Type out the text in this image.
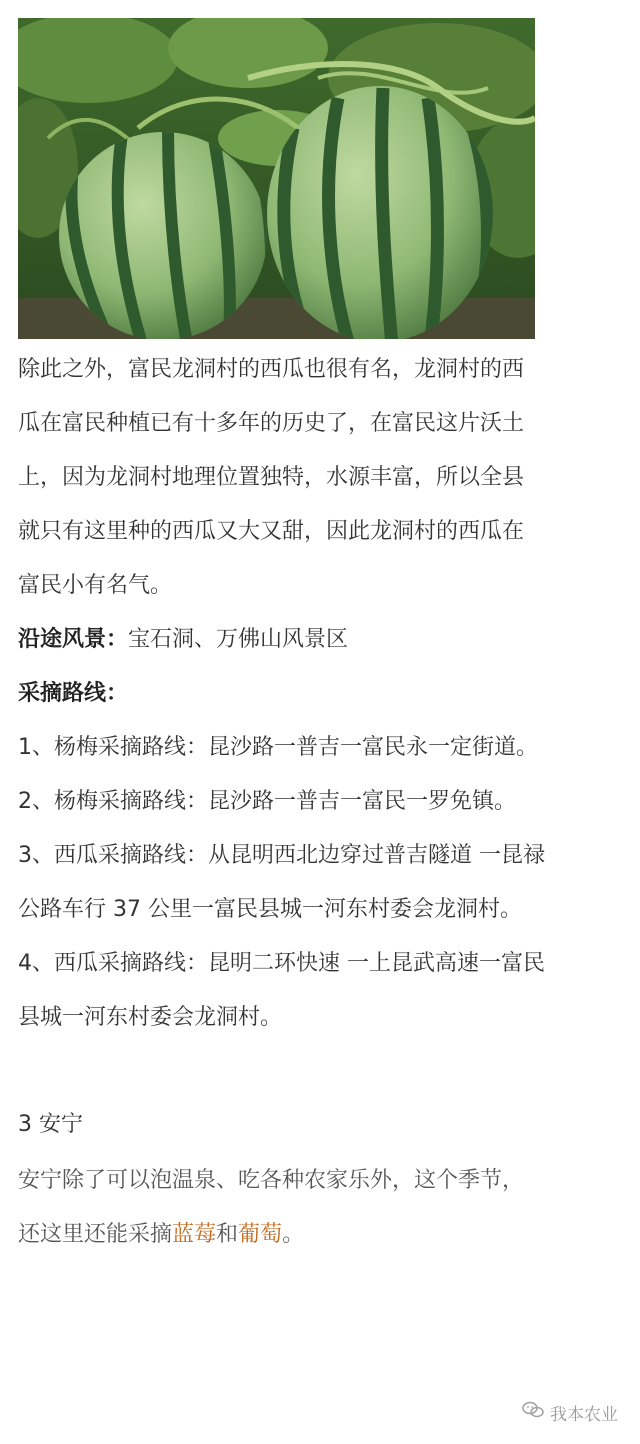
除此之外，富民龙洞村的西瓜也很有名，龙洞村的西
瓜在富民种植已有十多年的历史了，在富民这片沃土
上，因为龙洞村地理位置独特，水源丰富，所以全县
就只有这里种的西瓜又大又甜，因此龙洞村的西瓜在
富民小有名气。
沿途风景：宝石洞、万佛山风景区
采摘路线：
1、杨梅采摘路线：昆沙路一普吉一富民永一定街道。
2、杨梅采摘路线：昆沙路一普吉一富民一罗免镇。
3、西瓜采摘路线：从昆明西北边穿过普吉隧道 一昆禄
公路车行 37 公里一富民县城一河东村委会龙洞村。
4、西瓜采摘路线：昆明二环快速 一上昆武高速一富民
县城一河东村委会龙洞村。
3 安宁
安宁除了可以泡温泉、吃各种农家乐外，这个季节，
还这里还能采摘蓝莓和葡萄。
我本农业
